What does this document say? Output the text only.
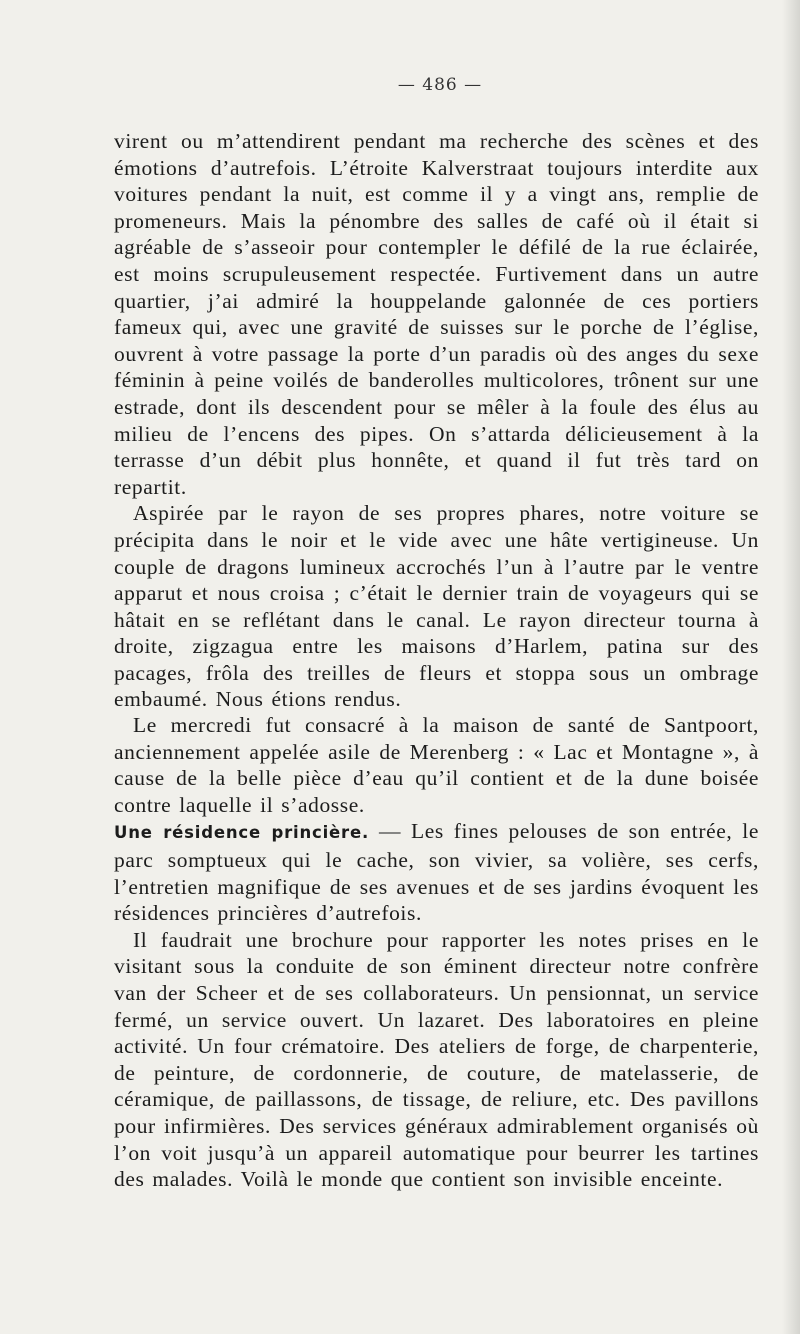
— 486 —

virent ou m’attendirent pendant ma recherche des scènes et des émotions d’autrefois. L’étroite Kalverstraat toujours interdite aux voitures pendant la nuit, est comme il y a vingt ans, remplie de promeneurs. Mais la pénombre des salles de café où il était si agréable de s’asseoir pour contempler le défilé de la rue éclairée, est moins scrupuleusement respectée. Furtivement dans un autre quartier, j’ai admiré la houppelande galonnée de ces portiers fameux qui, avec une gravité de suisses sur le porche de l’église, ouvrent à votre passage la porte d’un paradis où des anges du sexe féminin à peine voilés de banderolles multicolores, trônent sur une estrade, dont ils descendent pour se mêler à la foule des élus au milieu de l’encens des pipes. On s’attarda délicieusement à la terrasse d’un débit plus honnête, et quand il fut très tard on repartit.

Aspirée par le rayon de ses propres phares, notre voiture se précipita dans le noir et le vide avec une hâte vertigineuse. Un couple de dragons lumineux accrochés l’un à l’autre par le ventre apparut et nous croisa ; c’était le dernier train de voyageurs qui se hâtait en se reflétant dans le canal. Le rayon directeur tourna à droite, zigzagua entre les maisons d’Harlem, patina sur des pacages, frôla des treilles de fleurs et stoppa sous un ombrage embaumé. Nous étions rendus.

Le mercredi fut consacré à la maison de santé de Santpoort, anciennement appelée asile de Merenberg : « Lac et Montagne », à cause de la belle pièce d’eau qu’il contient et de la dune boisée contre laquelle il s’adosse.

Une résidence princière. — Les fines pelouses de son entrée, le parc somptueux qui le cache, son vivier, sa volière, ses cerfs, l’entretien magnifique de ses avenues et de ses jardins évoquent les résidences princières d’autrefois.

Il faudrait une brochure pour rapporter les notes prises en le visitant sous la conduite de son éminent directeur notre confrère van der Scheer et de ses collaborateurs. Un pensionnat, un service fermé, un service ouvert. Un lazaret. Des laboratoires en pleine activité. Un four crématoire. Des ateliers de forge, de charpenterie, de peinture, de cordonnerie, de couture, de matelasserie, de céramique, de paillassons, de tissage, de reliure, etc. Des pavillons pour infirmières. Des services généraux admirablement organisés où l’on voit jusqu’à un appareil automatique pour beurrer les tartines des malades. Voilà le monde que contient son invisible enceinte.
